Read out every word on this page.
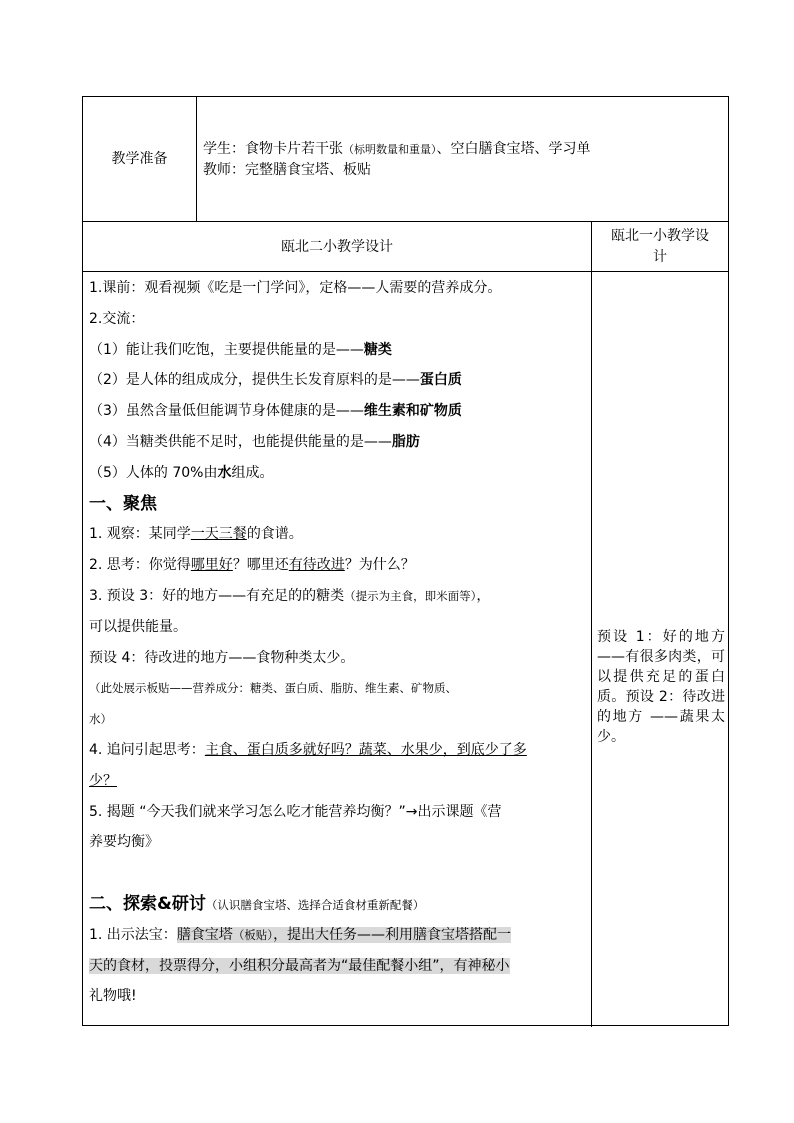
教学准备
学生：食物卡片若干张（标明数量和重量）、空白膳食宝塔、学习单
教师：完整膳食宝塔、板贴
瓯北二小教学设计
瓯北一小教学设
计
1.课前：观看视频《吃是一门学问》，定格——人需要的营养成分。
2.交流：
（1）能让我们吃饱，主要提供能量的是——糖类
（2）是人体的组成成分，提供生长发育原料的是——蛋白质
（3）虽然含量低但能调节身体健康的是——维生素和矿物质
（4）当糖类供能不足时，也能提供能量的是——脂肪
（5）人体的 70%由水组成。
一、聚焦
1. 观察：某同学一天三餐的食谱。
2. 思考：你觉得哪里好？哪里还有待改进？为什么？
3. 预设 3：好的地方——有充足的的糖类（提示为主食，即米面等），
可以提供能量。
预设 4：待改进的地方——食物种类太少。
（此处展示板贴——营养成分：糖类、蛋白质、脂肪、维生素、矿物质、
水）
4. 追问引起思考：主食、蛋白质多就好吗？蔬菜、水果少，到底少了多
少？
5. 揭题 “今天我们就来学习怎么吃才能营养均衡？”→出示课题《营
养要均衡》
二、探索&研讨（认识膳食宝塔、选择合适食材重新配餐）
1. 出示法宝：膳食宝塔（板贴），提出大任务——利用膳食宝塔搭配一
天的食材，投票得分，小组积分最高者为“最佳配餐小组”，有神秘小
礼物哦!
预设 1：好的地方——有很多肉类，可以提供充足的蛋白质。预设 2：待改进的地方 ——蔬果太少。
